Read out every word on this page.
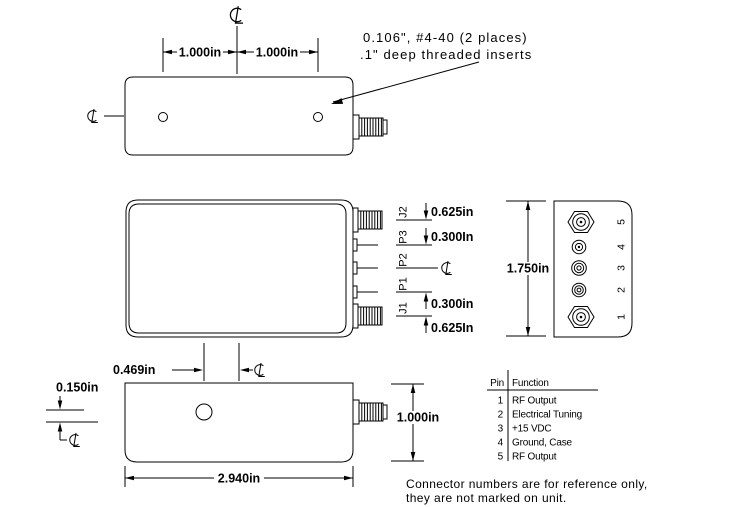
1.000in	1.000in
0.106", #4-40 (2 places)
.1" deep threaded inserts
J2
P3
P2
P1
J1
0.625in
0.300In
0.300in
0.625In
1.750in
5
4
3
2
1
0.469in
0.150in
2.940in
1.000in
Pin Function
1 RF Output
2 Electrical Tuning
3 +15 VDC
4 Ground, Case
5 RF Output
Connector numbers are for reference only,
they are not marked on unit.
